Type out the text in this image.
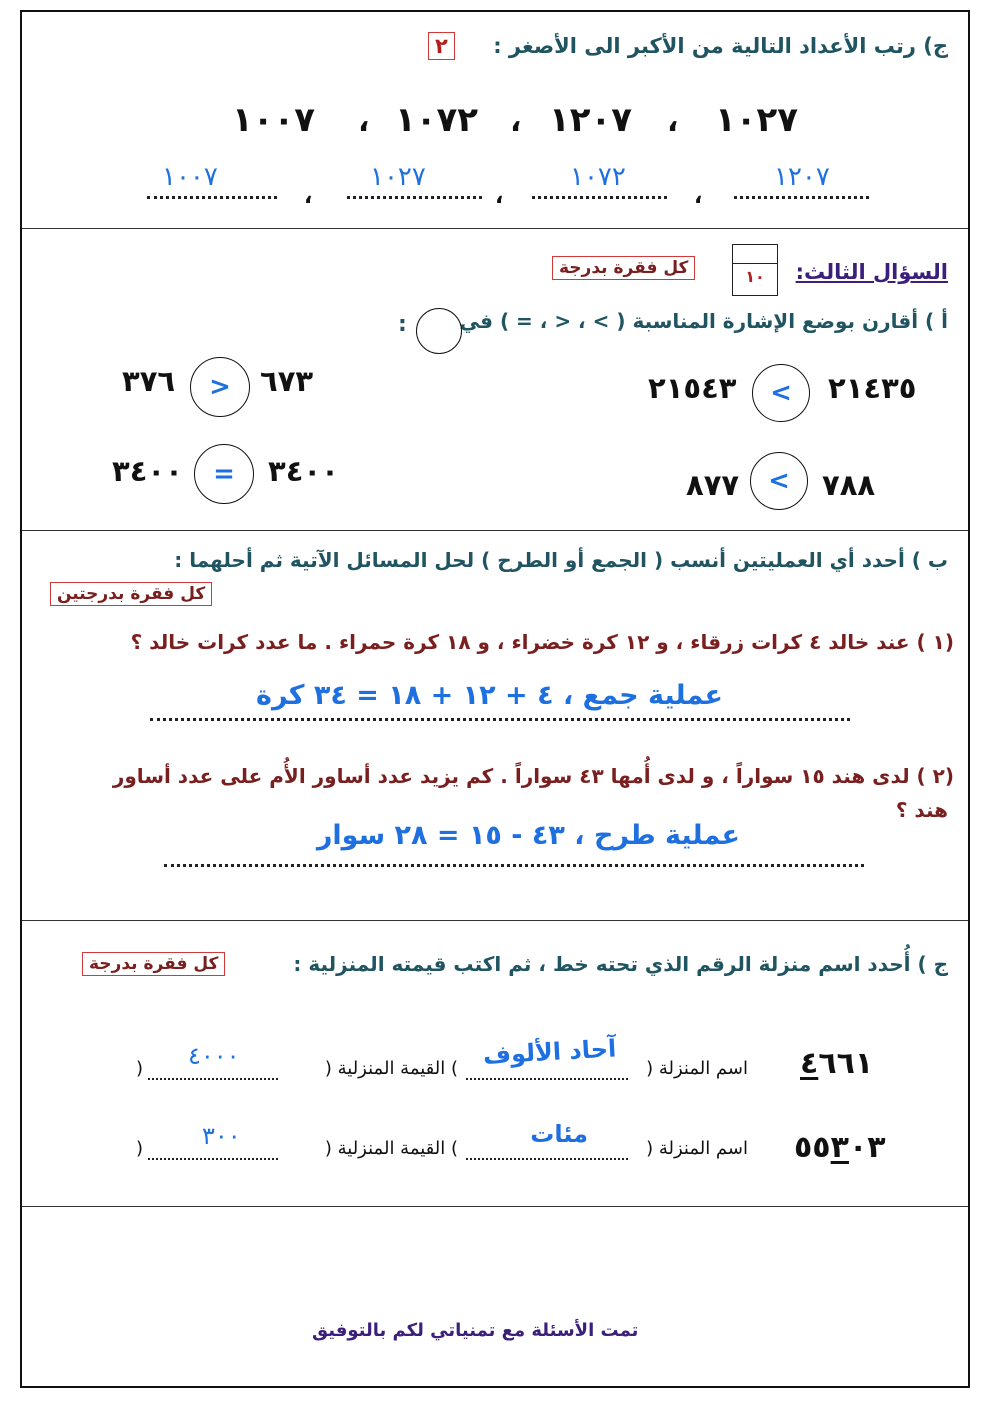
ج) رتب الأعداد التالية من الأكبر الى الأصغر :
٢
١٠٢٧
،
١٢٠٧
،
١٠٧٢
،
١٠٠٧
١٢٠٧
،
١٠٧٢
،
١٠٢٧
،
١٠٠٧
السؤال الثالث:
١٠
كل فقرة بدرجة
أ ) أقارن بوضع الإشارة المناسبة ( > ، < ، = ) في
:
٢١٤٣٥
<
٢١٥٤٣
٦٧٣
>
٣٧٦
٧٨٨
<
٨٧٧
٣٤٠٠
=
٣٤٠٠
ب ) أحدد أي العمليتين أنسب ( الجمع أو الطرح ) لحل المسائل الآتية ثم أحلهما :
كل فقرة بدرجتين
(١ ) عند خالد ٤ كرات زرقاء ، و ١٢ كرة خضراء ، و ١٨ كرة حمراء . ما عدد كرات خالد ؟
عملية جمع ، ٤ + ١٢ + ١٨ = ٣٤ كرة
(٢ ) لدى هند ١٥ سواراً ، و لدى أُمها ٤٣ سواراً . كم يزيد عدد أساور الأُم على عدد أساور
هند ؟
عملية طرح ، ٤٣ - ١٥ = ٢٨ سوار
ج ) أُحدد اسم منزلة الرقم الذي تحته خط ، ثم اكتب قيمته المنزلية :
كل فقرة بدرجة
٤٦٦١
اسم المنزلة (
آحاد الألوف
) القيمة المنزلية (
٤٠٠٠
)
٥٥٣٠٣
اسم المنزلة (
مئات
) القيمة المنزلية (
٣٠٠
)
تمت الأسئلة مع تمنياتي لكم بالتوفيق
